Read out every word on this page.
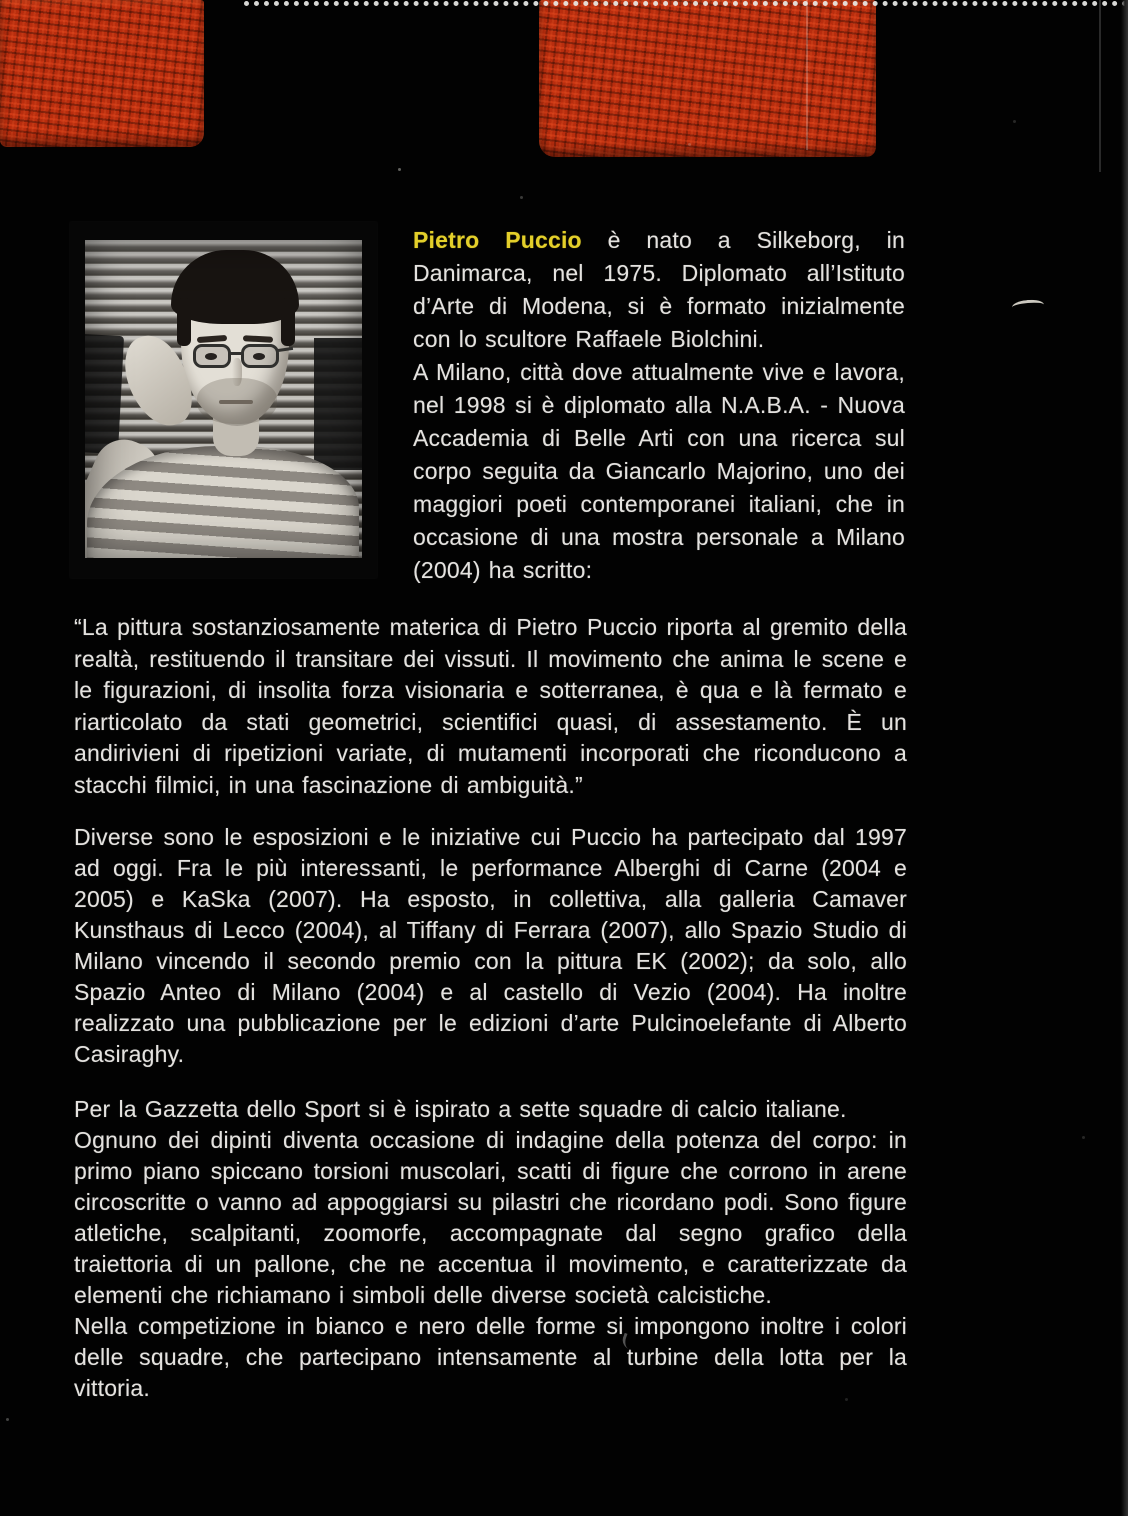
Pietro Puccio è nato a Silkeborg, in Danimarca, nel 1975. Diplomato all’Istituto d’Arte di Modena, si è formato inizialmente con lo scultore Raffaele Biolchini.

A Milano, città dove attualmente vive e lavora, nel 1998 si è diplomato alla N.A.B.A. - Nuova Accademia di Belle Arti con una ricerca sul corpo seguita da Giancarlo Majorino, uno dei maggiori poeti contemporanei italiani, che in occasione di una mostra personale a Milano (2004) ha scritto:

“La pittura sostanziosamente materica di Pietro Puccio riporta al gremito della realtà, restituendo il transitare dei vissuti. Il movimento che anima le scene e le figurazioni, di insolita forza visionaria e sotterranea, è qua e là fermato e riarticolato da stati geometrici, scientifici quasi, di assestamento. È un andirivieni di ripetizioni variate, di mutamenti incorporati che riconducono a stacchi filmici, in una fascinazione di ambiguità.”

Diverse sono le esposizioni e le iniziative cui Puccio ha partecipato dal 1997 ad oggi. Fra le più interessanti, le performance Alberghi di Carne (2004 e 2005) e KaSka (2007). Ha esposto, in collettiva, alla galleria Camaver Kunsthaus di Lecco (2004), al Tiffany di Ferrara (2007), allo Spazio Studio di Milano vincendo il secondo premio con la pittura EK (2002); da solo, allo Spazio Anteo di Milano (2004) e al castello di Vezio (2004). Ha inoltre realizzato una pubblicazione per le edizioni d’arte Pulcinoelefante di Alberto Casiraghy.

Per la Gazzetta dello Sport si è ispirato a sette squadre di calcio italiane.

Ognuno dei dipinti diventa occasione di indagine della potenza del corpo: in primo piano spiccano torsioni muscolari, scatti di figure che corrono in arene circoscritte o vanno ad appoggiarsi su pilastri che ricordano podi. Sono figure atletiche, scalpitanti, zoomorfe, accompagnate dal segno grafico della traiettoria di un pallone, che ne accentua il movimento, e caratterizzate da elementi che richiamano i simboli delle diverse società calcistiche.

Nella competizione in bianco e nero delle forme si impongono inoltre i colori delle squadre, che partecipano intensamente al turbine della lotta per la vittoria.
